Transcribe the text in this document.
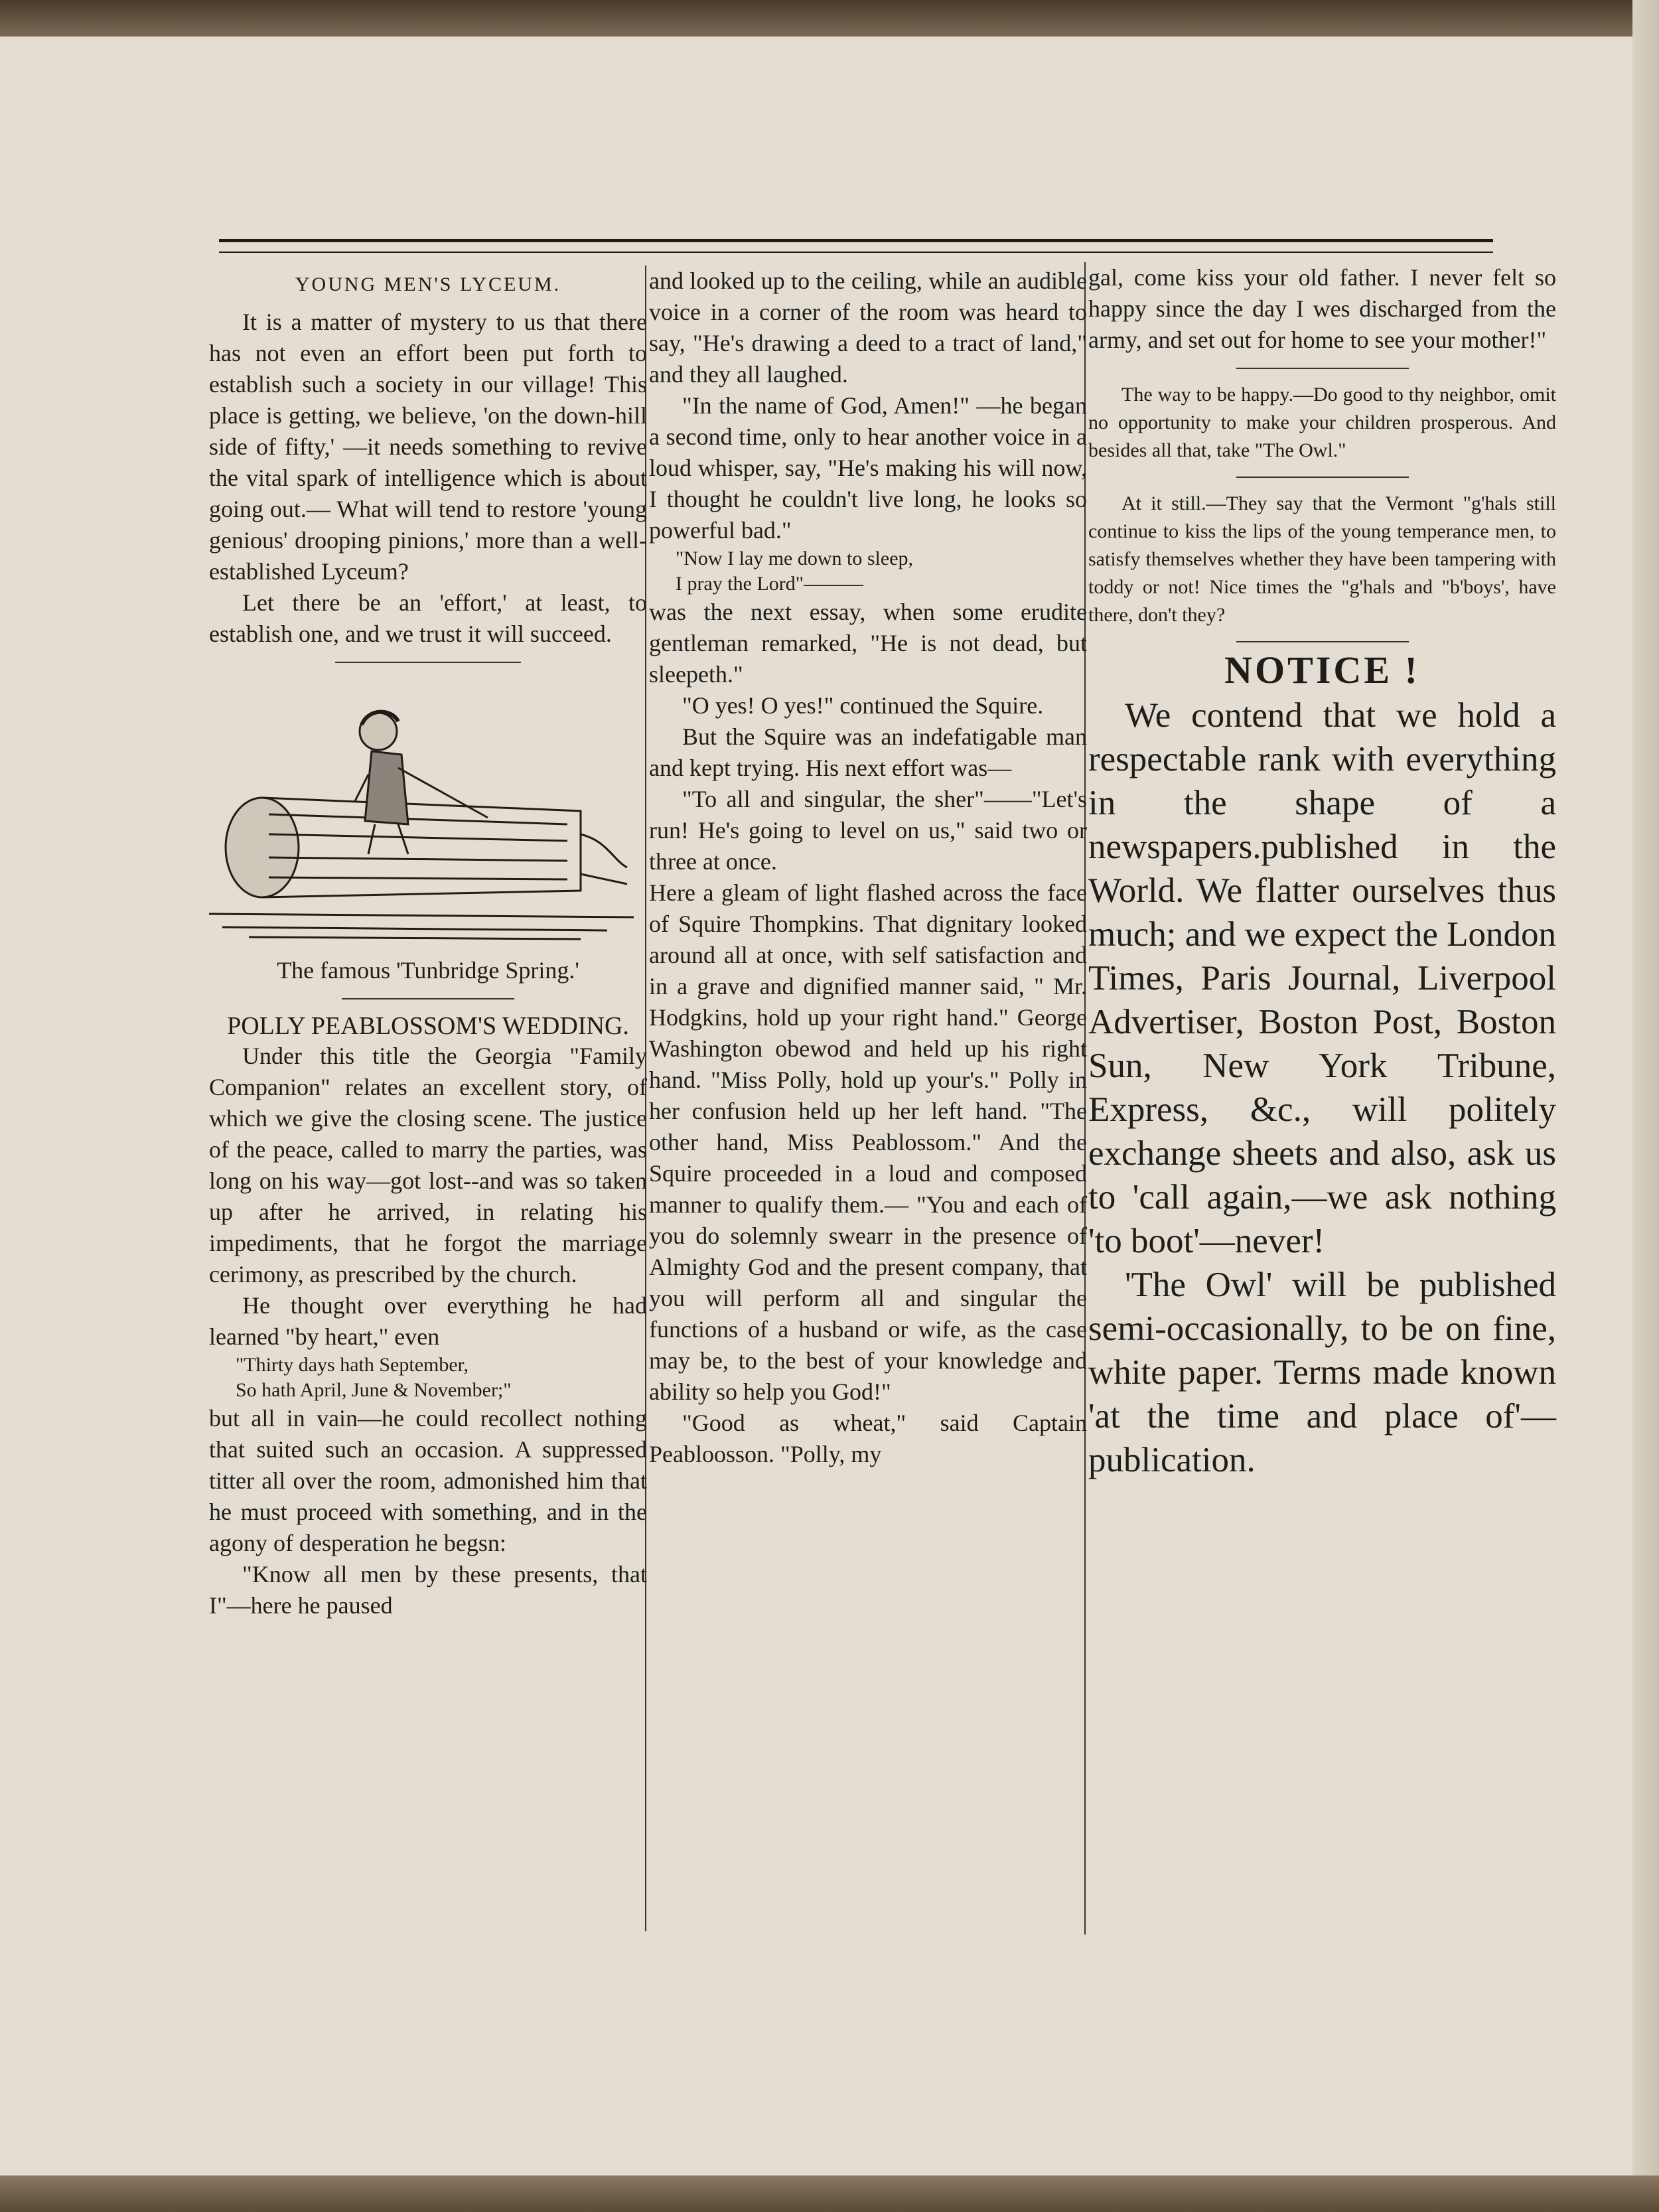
YOUNG MEN'S LYCEUM.

It is a matter of mystery to us that there has not even an effort been put forth to establish such a society in our village! This place is getting, we believe, 'on the down-hill side of fifty,' —it needs something to revive the vital spark of intelligence which is about going out.— What will tend to restore 'young genious' drooping pinions,' more than a well-established Lyceum?

Let there be an 'effort,' at least, to establish one, and we trust it will succeed.

The famous 'Tunbridge Spring.'
POLLY PEABLOSSOM'S WEDDING.

Under this title the Georgia "Family Companion" relates an excellent story, of which we give the closing scene. The justice of the peace, called to marry the parties, was long on his way—got lost--and was so taken up after he arrived, in relating his impediments, that he forgot the marriage cerimony, as prescribed by the church.

He thought over everything he had learned "by heart," even

"Thirty days hath September,
So hath April, June & November;"

but all in vain—he could recollect nothing that suited such an occasion. A suppressed titter all over the room, admonished him that he must proceed with something, and in the agony of desperation he begsn:

"Know all men by these presents, that I"—here he paused

and looked up to the ceiling, while an audible voice in a corner of the room was heard to say, "He's drawing a deed to a tract of land," and they all laughed.

"In the name of God, Amen!" —he began a second time, only to hear another voice in a loud whisper, say, "He's making his will now, I thought he couldn't live long, he looks so powerful bad."

"Now I lay me down to sleep,
I pray the Lord"———

was the next essay, when some erudite gentleman remarked, "He is not dead, but sleepeth."

"O yes! O yes!" continued the Squire.

But the Squire was an indefatigable man and kept trying. His next effort was—

"To all and singular, the sher"——"Let's run! He's going to level on us," said two or three at once.

Here a gleam of light flashed across the face of Squire Thompkins. That dignitary looked around all at once, with self satisfaction and in a grave and dignified manner said, " Mr. Hodgkins, hold up your right hand." George Washington obewod and held up his right hand. "Miss Polly, hold up your's." Polly in her confusion held up her left hand. "The other hand, Miss Peablossom." And the Squire proceeded in a loud and composed manner to qualify them.— "You and each of you do solemnly swearr in the presence of Almighty God and the present company, that you will perform all and singular the functions of a husband or wife, as the case may be, to the best of your knowledge and ability so help you God!"

"Good as wheat," said Captain Peabloosson. "Polly, my

gal, come kiss your old father. I never felt so happy since the day I wes discharged from the army, and set out for home to see your mother!"

The way to be happy.—Do good to thy neighbor, omit no opportunity to make your children prosperous. And besides all that, take "The Owl."

At it still.—They say that the Vermont "g'hals still continue to kiss the lips of the young temperance men, to satisfy themselves whether they have been tampering with toddy or not! Nice times the "g'hals and "b'boys', have there, don't they?

NOTICE !

We contend that we hold a respectable rank with everything in the shape of a newspapers.published in the World. We flatter ourselves thus much; and we expect the London Times, Paris Journal, Liverpool Advertiser, Boston Post, Boston Sun, New York Tribune, Express, &c., will politely exchange sheets and also, ask us to 'call again,—we ask nothing 'to boot'—never!

'The Owl' will be published semi-occasionally, to be on fine, white paper. Terms made known 'at the time and place of'—publication.
